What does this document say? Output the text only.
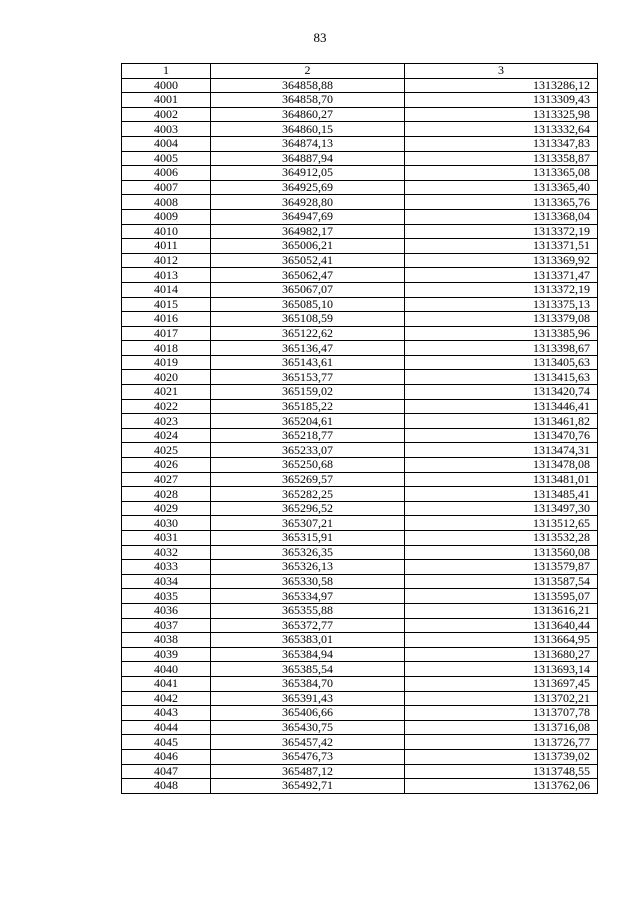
83
1	2	3
4000	364858,88	1313286,12
4001	364858,70	1313309,43
4002	364860,27	1313325,98
4003	364860,15	1313332,64
4004	364874,13	1313347,83
4005	364887,94	1313358,87
4006	364912,05	1313365,08
4007	364925,69	1313365,40
4008	364928,80	1313365,76
4009	364947,69	1313368,04
4010	364982,17	1313372,19
4011	365006,21	1313371,51
4012	365052,41	1313369,92
4013	365062,47	1313371,47
4014	365067,07	1313372,19
4015	365085,10	1313375,13
4016	365108,59	1313379,08
4017	365122,62	1313385,96
4018	365136,47	1313398,67
4019	365143,61	1313405,63
4020	365153,77	1313415,63
4021	365159,02	1313420,74
4022	365185,22	1313446,41
4023	365204,61	1313461,82
4024	365218,77	1313470,76
4025	365233,07	1313474,31
4026	365250,68	1313478,08
4027	365269,57	1313481,01
4028	365282,25	1313485,41
4029	365296,52	1313497,30
4030	365307,21	1313512,65
4031	365315,91	1313532,28
4032	365326,35	1313560,08
4033	365326,13	1313579,87
4034	365330,58	1313587,54
4035	365334,97	1313595,07
4036	365355,88	1313616,21
4037	365372,77	1313640,44
4038	365383,01	1313664,95
4039	365384,94	1313680,27
4040	365385,54	1313693,14
4041	365384,70	1313697,45
4042	365391,43	1313702,21
4043	365406,66	1313707,78
4044	365430,75	1313716,08
4045	365457,42	1313726,77
4046	365476,73	1313739,02
4047	365487,12	1313748,55
4048	365492,71	1313762,06
